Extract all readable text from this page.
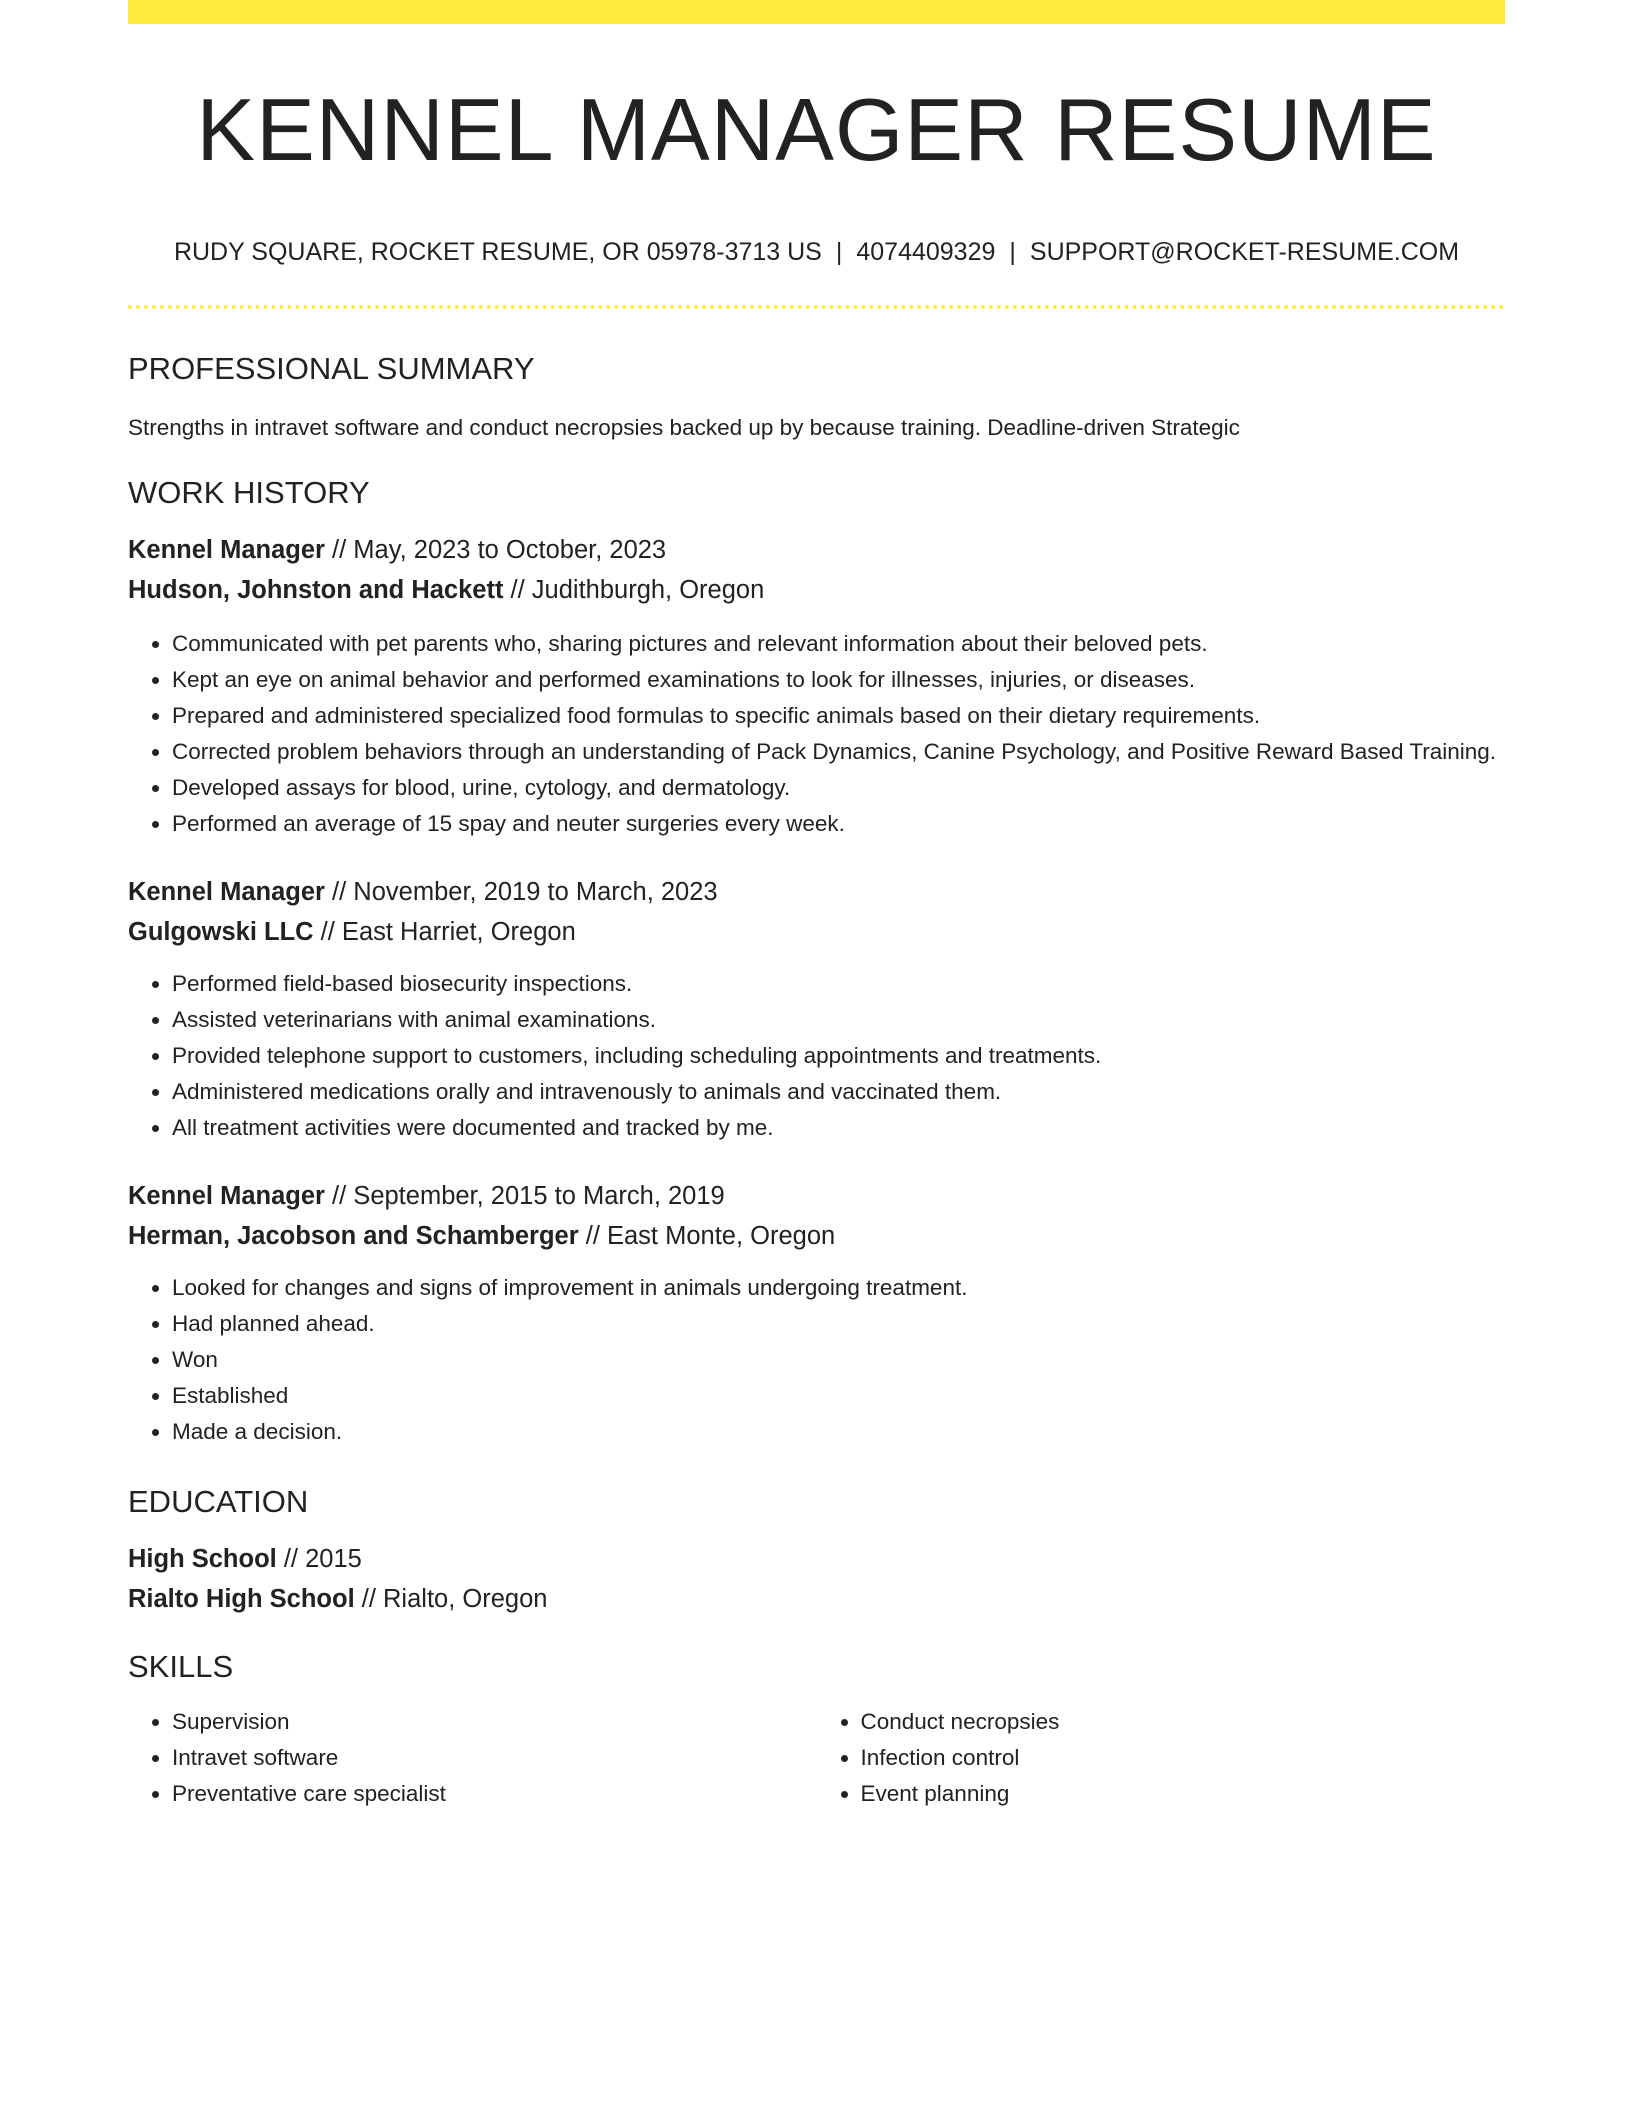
KENNEL MANAGER RESUME
RUDY SQUARE, ROCKET RESUME, OR 05978-3713 US | 4074409329 | SUPPORT@ROCKET-RESUME.COM
PROFESSIONAL SUMMARY

Strengths in intravet software and conduct necropsies backed up by because training. Deadline-driven Strategic

WORK HISTORY

Kennel Manager // May, 2023 to October, 2023

Hudson, Johnston and Hackett // Judithburgh, Oregon

• Communicated with pet parents who, sharing pictures and relevant information about their beloved pets.
• Kept an eye on animal behavior and performed examinations to look for illnesses, injuries, or diseases.
• Prepared and administered specialized food formulas to specific animals based on their dietary requirements.
• Corrected problem behaviors through an understanding of Pack Dynamics, Canine Psychology, and Positive Reward Based Training.
• Developed assays for blood, urine, cytology, and dermatology.
• Performed an average of 15 spay and neuter surgeries every week.

Kennel Manager // November, 2019 to March, 2023

Gulgowski LLC // East Harriet, Oregon

• Performed field-based biosecurity inspections.
• Assisted veterinarians with animal examinations.
• Provided telephone support to customers, including scheduling appointments and treatments.
• Administered medications orally and intravenously to animals and vaccinated them.
• All treatment activities were documented and tracked by me.

Kennel Manager // September, 2015 to March, 2019

Herman, Jacobson and Schamberger // East Monte, Oregon

• Looked for changes and signs of improvement in animals undergoing treatment.
• Had planned ahead.
• Won
• Established
• Made a decision.
EDUCATION

High School // 2015

Rialto High School // Rialto, Oregon

SKILLS
• Supervision
• Intravet software
• Preventative care specialist
• Conduct necropsies
• Infection control
• Event planning
